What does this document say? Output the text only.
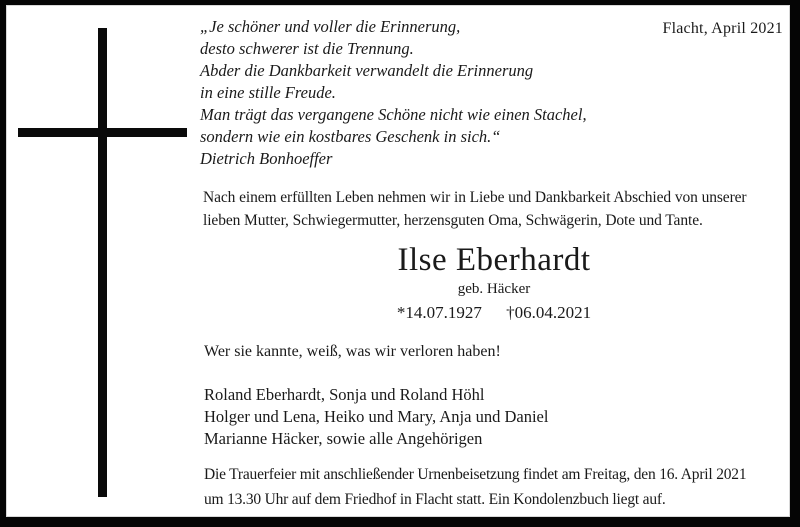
Flacht, April 2021
„Je schöner und voller die Erinnerung,
desto schwerer ist die Trennung.
Abder die Dankbarkeit verwandelt die Erinnerung
in eine stille Freude.
Man trägt das vergangene Schöne nicht wie einen Stachel,
sondern wie ein kostbares Geschenk in sich.“
Dietrich Bonhoeffer
Nach einem erfüllten Leben nehmen wir in Liebe und Dankbarkeit Abschied von unserer
lieben Mutter, Schwiegermutter, herzensguten Oma, Schwägerin, Dote und Tante.
Ilse Eberhardt
geb. Häcker
*14.07.1927 †06.04.2021
Wer sie kannte, weiß, was wir verloren haben!
Roland Eberhardt, Sonja und Roland Höhl
Holger und Lena, Heiko und Mary, Anja und Daniel
Marianne Häcker, sowie alle Angehörigen
Die Trauerfeier mit anschließender Urnenbeisetzung findet am Freitag, den 16. April 2021
um 13.30 Uhr auf dem Friedhof in Flacht statt. Ein Kondolenzbuch liegt auf.
